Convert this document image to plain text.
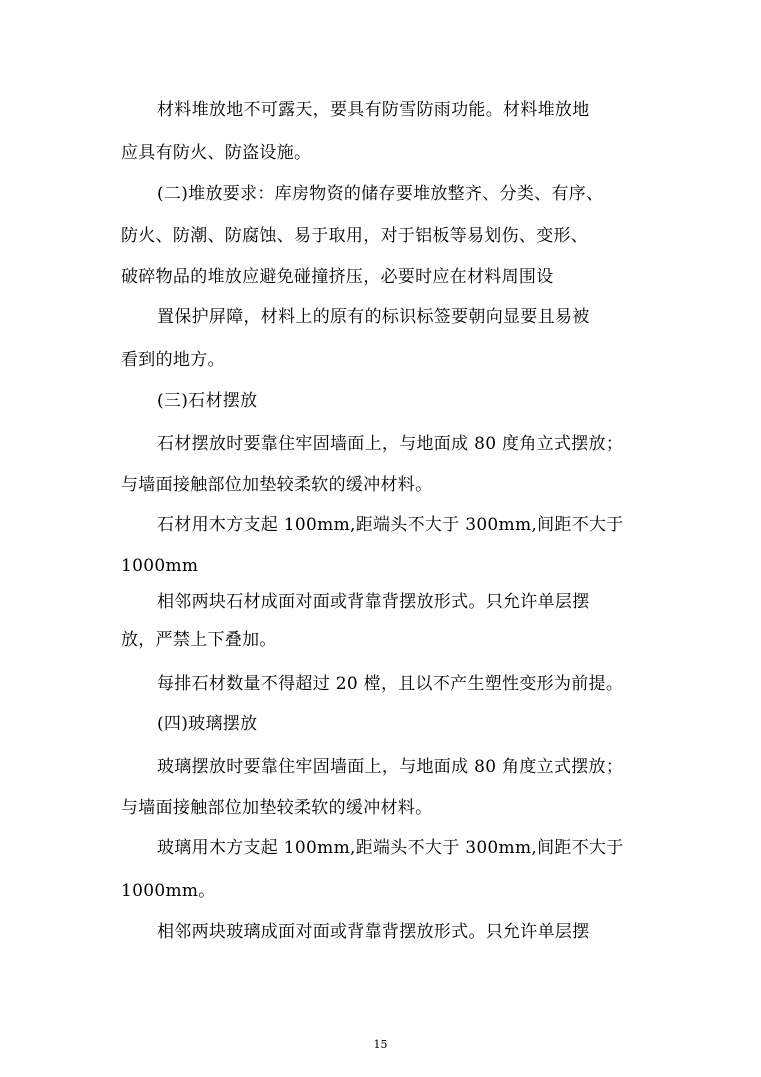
材料堆放地不可露天，要具有防雪防雨功能。材料堆放地
应具有防火、防盗设施。
(二)堆放要求：库房物资的储存要堆放整齐、分类、有序、
防火、防潮、防腐蚀、易于取用，对于铝板等易划伤、变形、
破碎物品的堆放应避免碰撞挤压，必要时应在材料周围设
置保护屏障，材料上的原有的标识标签要朝向显要且易被
看到的地方。
(三)石材摆放
石材摆放时要靠住牢固墙面上，与地面成 80 度角立式摆放；
与墙面接触部位加垫较柔软的缓冲材料。
石材用木方支起 100mm,距端头不大于 300mm,间距不大于
1000mm
相邻两块石材成面对面或背靠背摆放形式。只允许单层摆
放，严禁上下叠加。
每排石材数量不得超过 20 樘，且以不产生塑性变形为前提。
(四)玻璃摆放
玻璃摆放时要靠住牢固墙面上，与地面成 80 角度立式摆放；
与墙面接触部位加垫较柔软的缓冲材料。
玻璃用木方支起 100mm,距端头不大于 300mm,间距不大于
1000mm。
相邻两块玻璃成面对面或背靠背摆放形式。只允许单层摆
15
